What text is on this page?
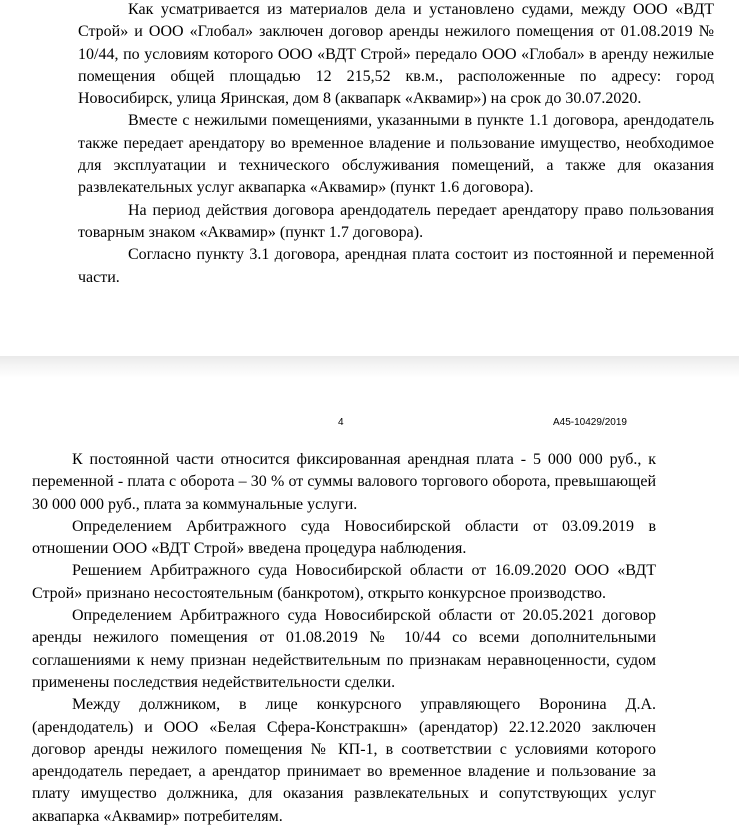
Как усматривается из материалов дела и установлено судами, между ООО «ВДТ Строй» и ООО «Глобал» заключен договор аренды нежилого помещения от 01.08.2019 № 10/44, по условиям которого ООО «ВДТ Строй» передало ООО «Глобал» в аренду нежилые помещения общей площадью 12 215,52 кв.м., расположенные по адресу: город Новосибирск, улица Яринская, дом 8 (аквапарк «Аквамир») на срок до 30.07.2020.

Вместе с нежилыми помещениями, указанными в пункте 1.1 договора, арендодатель также передает арендатору во временное владение и пользование имущество, необходимое для эксплуатации и технического обслуживания помещений, а также для оказания развлекательных услуг аквапарка «Аквамир» (пункт 1.6 договора).

На период действия договора арендодатель передает арендатору право пользования товарным знаком «Аквамир» (пункт 1.7 договора).

Согласно пункту 3.1 договора, арендная плата состоит из постоянной и переменной части.

4	А45-10429/2019

К постоянной части относится фиксированная арендная плата - 5 000 000 руб., к переменной - плата с оборота – 30 % от суммы валового торгового оборота, превышающей 30 000 000 руб., плата за коммунальные услуги.

Определением Арбитражного суда Новосибирской области от 03.09.2019 в отношении ООО «ВДТ Строй» введена процедура наблюдения.

Решением Арбитражного суда Новосибирской области от 16.09.2020 ООО «ВДТ Строй» признано несостоятельным (банкротом), открыто конкурсное производство.

Определением Арбитражного суда Новосибирской области от 20.05.2021 договор аренды нежилого помещения от 01.08.2019 № 10/44 со всеми дополнительными соглашениями к нему признан недействительным по признакам неравноценности, судом применены последствия недействительности сделки.

Между должником, в лице конкурсного управляющего Воронина Д.А. (арендодатель) и ООО «Белая Сфера-Констракшн» (арендатор) 22.12.2020 заключен договор аренды нежилого помещения № КП-1, в соответствии с условиями которого арендодатель передает, а арендатор принимает во временное владение и пользование за плату имущество должника, для оказания развлекательных и сопутствующих услуг аквапарка «Аквамир» потребителям.
